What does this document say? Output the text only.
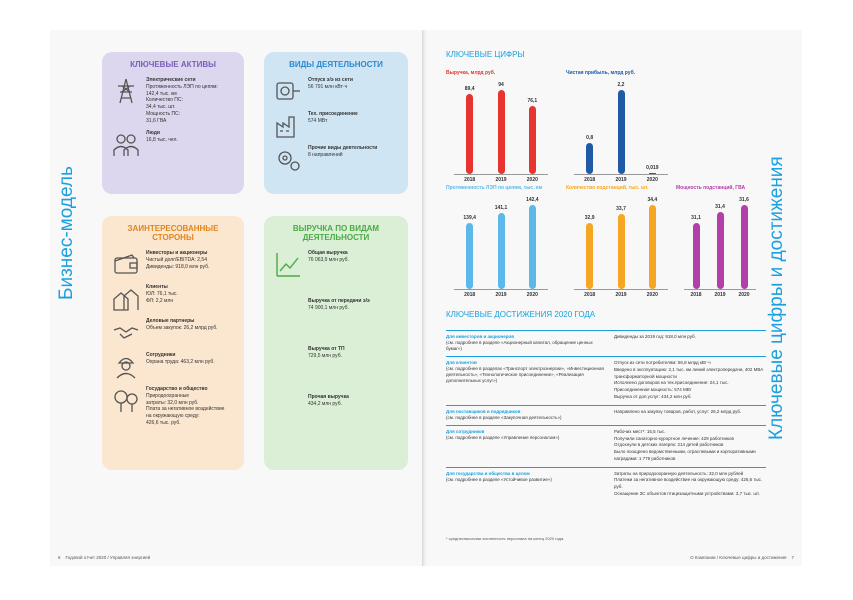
Бизнес-модель
КЛЮЧЕВЫЕ АКТИВЫ
Электрические сети
Протяженность ЛЭП по цепям:
142,4 тыс. км
Количество ПС:
34,4 тыс. шт.
Мощность ПС:
31,6 ГВА

Люди
16,8 тыс. чел.

ВИДЫ ДЕЯТЕЛЬНОСТИ
Отпуск э/э из сети
56 791 млн кВт·ч

Тех. присоединение
574 МВт

Прочие виды деятельности
8 направлений

ЗАИНТЕРЕСОВАННЫЕ СТОРОНЫ
Инвесторы и акционеры
Чистый долг/EBITDA: 2,54
Дивиденды: 918,0 млн руб.

Клиенты
ЮЛ: 76,1 тыс.
ФЛ: 2,2 млн

Деловые партнеры
Объем закупок: 26,2 млрд руб.

Сотрудники
Охрана труда: 463,2 млн руб.

Государство и общество
Природоохранные
затраты: 32,0 млн руб.
Плата за негативное воздействие
на окружающую среду:
426,6 тыс. руб.

ВЫРУЧКА ПО ВИДАМ ДЕЯТЕЛЬНОСТИ
Общая выручка
76 063,9 млн руб.

Выручка от передачи э/э
74 900,1 млн руб.

Выручка от ТП
729,5 млн руб.

Прочая выручка
434,2 млн руб.

6 Годовой отчет 2020 / Управляя энергией
КЛЮЧЕВЫЕ ЦИФРЫ
Выручка, млрд руб.
89,4
2018
94
2019
76,1
2020
Чистая прибыль, млрд руб.
0,8
2018
2,2
2019
0,019
2020
Протяженность ЛЭП по цепям, тыс. км
139,4
2018
141,1
2019
142,4
2020
Количество подстанций, тыс. шт.
32,9
2018
33,7
2019
34,4
2020
Мощность подстанций, ГВА
31,1
2018
31,4
2019
31,6
2020
КЛЮЧЕВЫЕ ДОСТИЖЕНИЯ 2020 ГОДА
Для инвесторов и акционеров
(см. подробнее в разделе «Акционерный капитал, обращение ценных бумаг»)
Дивиденды за 2019 год: 918,0 млн руб.
Для клиентов
(см. подробнее в разделах «Транспорт электроэнергии», «Инвестиционная деятельность», «Технологическое присоединение», «Реализация дополнительных услуг»)
Отпуск из сети потребителям: 56,8 млрд кВт·ч
Введено в эксплуатацию: 2,1 тыс. км линий электропередачи, 402 МВА трансформаторной мощности
Исполнено договоров на тех.присоединение: 24,1 тыс.
Присоединенная мощность: 574 МВт
Выручка от доп.услуг: 434,2 млн руб.
Для поставщиков и подрядчиков
(см. подробнее в разделе «Закупочная деятельность»)
Направлено на закупку товаров, работ, услуг: 26,2 млрд руб.
Для сотрудников
(см. подробнее в разделе «Управление персоналом»)
Рабочих мест*: 15,5 тыс.
Получили санаторно-курортное лечение: 429 работников
Отдохнули в детских лагерях: 214 детей работников
Было поощрено ведомственными, отраслевыми и корпоративными наградами: 1 779 работников
Для государства и общества в целом
(см. подробнее в разделе «Устойчивое развитие»)
Затраты на природоохранную деятельность: 32,0 млн рублей
Платежи за негативное воздействие на окружающую среду: 426,6 тыс. руб.
Оснащение ЗС объектов птицезащитными устройствами: 3,7 тыс. шт.
* среднесписочная численность персонала на конец 2020 года.
Ключевые цифры и достижения
О Компании / Ключевые цифры и достижения 7
